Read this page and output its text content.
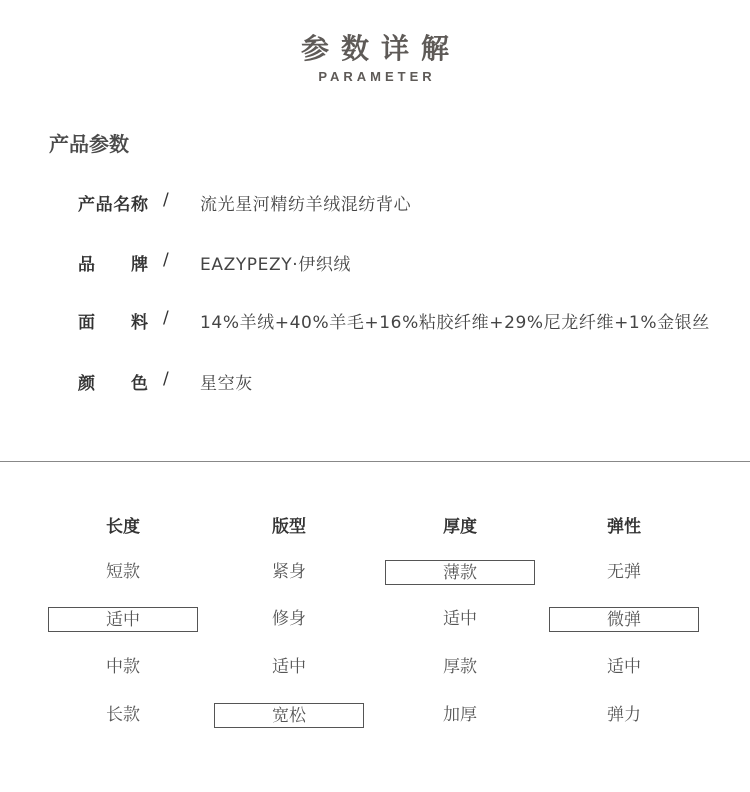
参数详解
PARAMETER
产品参数
产 品 名 称 / 流光星河精纺羊绒混纺背心
品 牌 / EAZYPEZY·伊织绒
面 料 / 14%羊绒+40%羊毛+16%粘胶纤维+29%尼龙纤维+1%金银丝
颜 色 / 星空灰
长度
短款
适中
中款
长款
版型
紧身
修身
适中
宽松
厚度
薄款
适中
厚款
加厚
弹性
无弹
微弹
适中
弹力
